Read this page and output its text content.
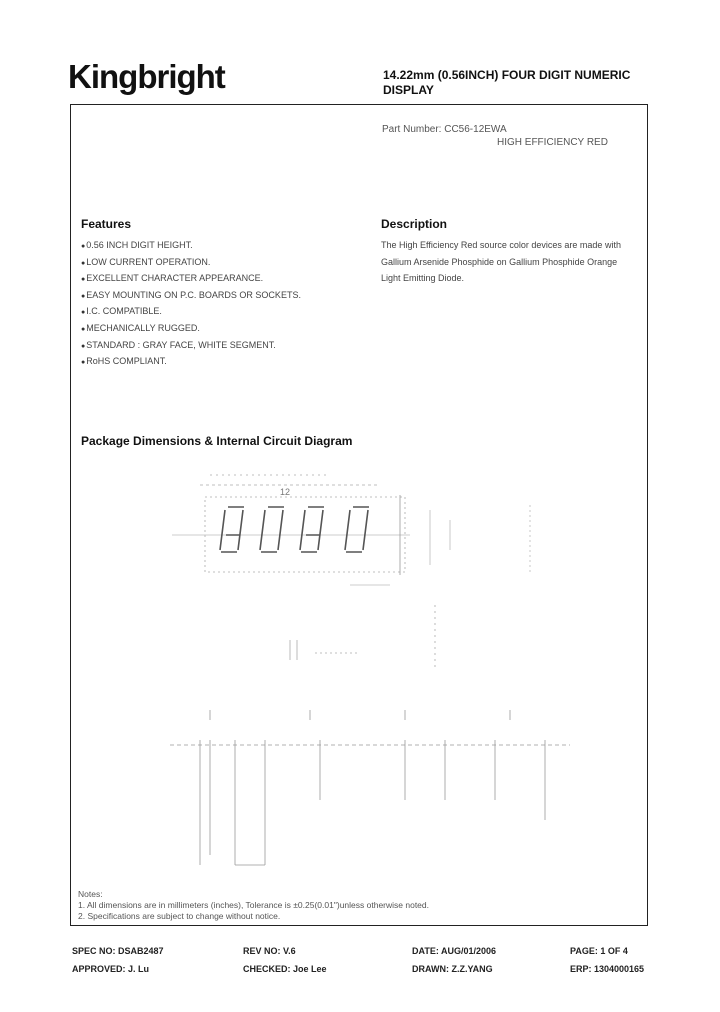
Kingbright	14.22mm (0.56INCH) FOUR DIGIT NUMERIC
DISPLAY
Part Number: CC56-12EWA
HIGH EFFICIENCY RED
Features
● 0.56 INCH DIGIT HEIGHT.
● LOW CURRENT OPERATION.
● EXCELLENT CHARACTER APPEARANCE.
● EASY MOUNTING ON P.C. BOARDS OR SOCKETS.
● I.C. COMPATIBLE.
● MECHANICALLY RUGGED.
● STANDARD : GRAY FACE, WHITE SEGMENT.
● RoHS COMPLIANT.
Description
The High Efficiency Red source color devices are made with
Gallium Arsenide Phosphide on Gallium Phosphide Orange
Light Emitting Diode.
Package Dimensions & Internal Circuit Diagram
12
Notes:
1. All dimensions are in millimeters (inches), Tolerance is ±0.25(0.01")unless otherwise noted.
2. Specifications are subject to change without notice.
SPEC NO: DSAB2487	REV NO: V.6	DATE: AUG/01/2006	PAGE: 1 OF 4
APPROVED: J. Lu	CHECKED: Joe Lee	DRAWN: Z.Z.YANG	ERP: 1304000165
